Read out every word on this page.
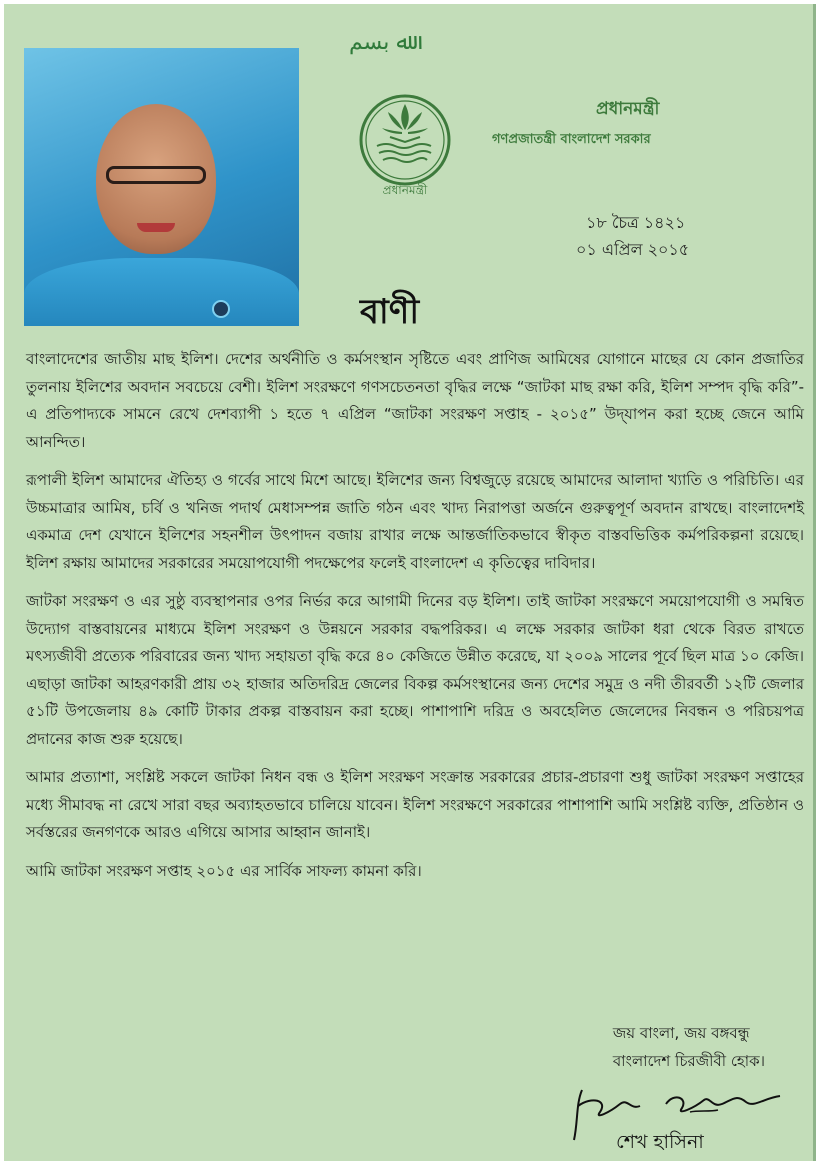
ﷲ بسم
প্রধানমন্ত্রী
প্রধানমন্ত্রী
গণপ্রজাতন্ত্রী বাংলাদেশ সরকার
১৮ চৈত্র ১৪২১
০১ এপ্রিল ২০১৫
বাণী

বাংলাদেশের জাতীয় মাছ ইলিশ। দেশের অর্থনীতি ও কর্মসংস্থান সৃষ্টিতে এবং প্রাণিজ আমিষের যোগানে মাছের যে কোন প্রজাতির তুলনায় ইলিশের অবদান সবচেয়ে বেশী। ইলিশ সংরক্ষণে গণসচেতনতা বৃদ্ধির লক্ষে “জাটকা মাছ রক্ষা করি, ইলিশ সম্পদ বৃদ্ধি করি”- এ প্রতিপাদ্যকে সামনে রেখে দেশব্যাপী ১ হতে ৭ এপ্রিল “জাটকা সংরক্ষণ সপ্তাহ - ২০১৫” উদ্‌যাপন করা হচ্ছে জেনে আমি আনন্দিত।

রূপালী ইলিশ আমাদের ঐতিহ্য ও গর্বের সাথে মিশে আছে। ইলিশের জন্য বিশ্বজুড়ে রয়েছে আমাদের আলাদা খ্যাতি ও পরিচিতি। এর উচ্চমাত্রার আমিষ, চর্বি ও খনিজ পদার্থ মেধাসম্পন্ন জাতি গঠন এবং খাদ্য নিরাপত্তা অর্জনে গুরুত্বপূর্ণ অবদান রাখছে। বাংলাদেশই একমাত্র দেশ যেখানে ইলিশের সহনশীল উৎপাদন বজায় রাখার লক্ষে আন্তর্জাতিকভাবে স্বীকৃত বাস্তবভিত্তিক কর্মপরিকল্পনা রয়েছে। ইলিশ রক্ষায় আমাদের সরকারের সময়োপযোগী পদক্ষেপের ফলেই বাংলাদেশ এ কৃতিত্বের দাবিদার।

জাটকা সংরক্ষণ ও এর সুষ্ঠু ব্যবস্থাপনার ওপর নির্ভর করে আগামী দিনের বড় ইলিশ। তাই জাটকা সংরক্ষণে সময়োপযোগী ও সমন্বিত উদ্যোগ বাস্তবায়নের মাধ্যমে ইলিশ সংরক্ষণ ও উন্নয়নে সরকার বদ্ধপরিকর। এ লক্ষে সরকার জাটকা ধরা থেকে বিরত রাখতে মৎস্যজীবী প্রত্যেক পরিবারের জন্য খাদ্য সহায়তা বৃদ্ধি করে ৪০ কেজিতে উন্নীত করেছে, যা ২০০৯ সালের পূর্বে ছিল মাত্র ১০ কেজি। এছাড়া জাটকা আহরণকারী প্রায় ৩২ হাজার অতিদরিদ্র জেলের বিকল্প কর্মসংস্থানের জন্য দেশের সমুদ্র ও নদী তীরবর্তী ১২টি জেলার ৫১টি উপজেলায় ৪৯ কোটি টাকার প্রকল্প বাস্তবায়ন করা হচ্ছে। পাশাপাশি দরিদ্র ও অবহেলিত জেলেদের নিবন্ধন ও পরিচয়পত্র প্রদানের কাজ শুরু হয়েছে।

আমার প্রত্যাশা, সংশ্লিষ্ট সকলে জাটকা নিধন বন্ধ ও ইলিশ সংরক্ষণ সংক্রান্ত সরকারের প্রচার-প্রচারণা শুধু জাটকা সংরক্ষণ সপ্তাহের মধ্যে সীমাবদ্ধ না রেখে সারা বছর অব্যাহতভাবে চালিয়ে যাবেন। ইলিশ সংরক্ষণে সরকারের পাশাপাশি আমি সংশ্লিষ্ট ব্যক্তি, প্রতিষ্ঠান ও সর্বস্তরের জনগণকে আরও এগিয়ে আসার আহ্বান জানাই।

আমি জাটকা সংরক্ষণ সপ্তাহ ২০১৫ এর সার্বিক সাফল্য কামনা করি।

জয় বাংলা, জয় বঙ্গবন্ধু
বাংলাদেশ চিরজীবী হোক।
শেখ হাসিনা
